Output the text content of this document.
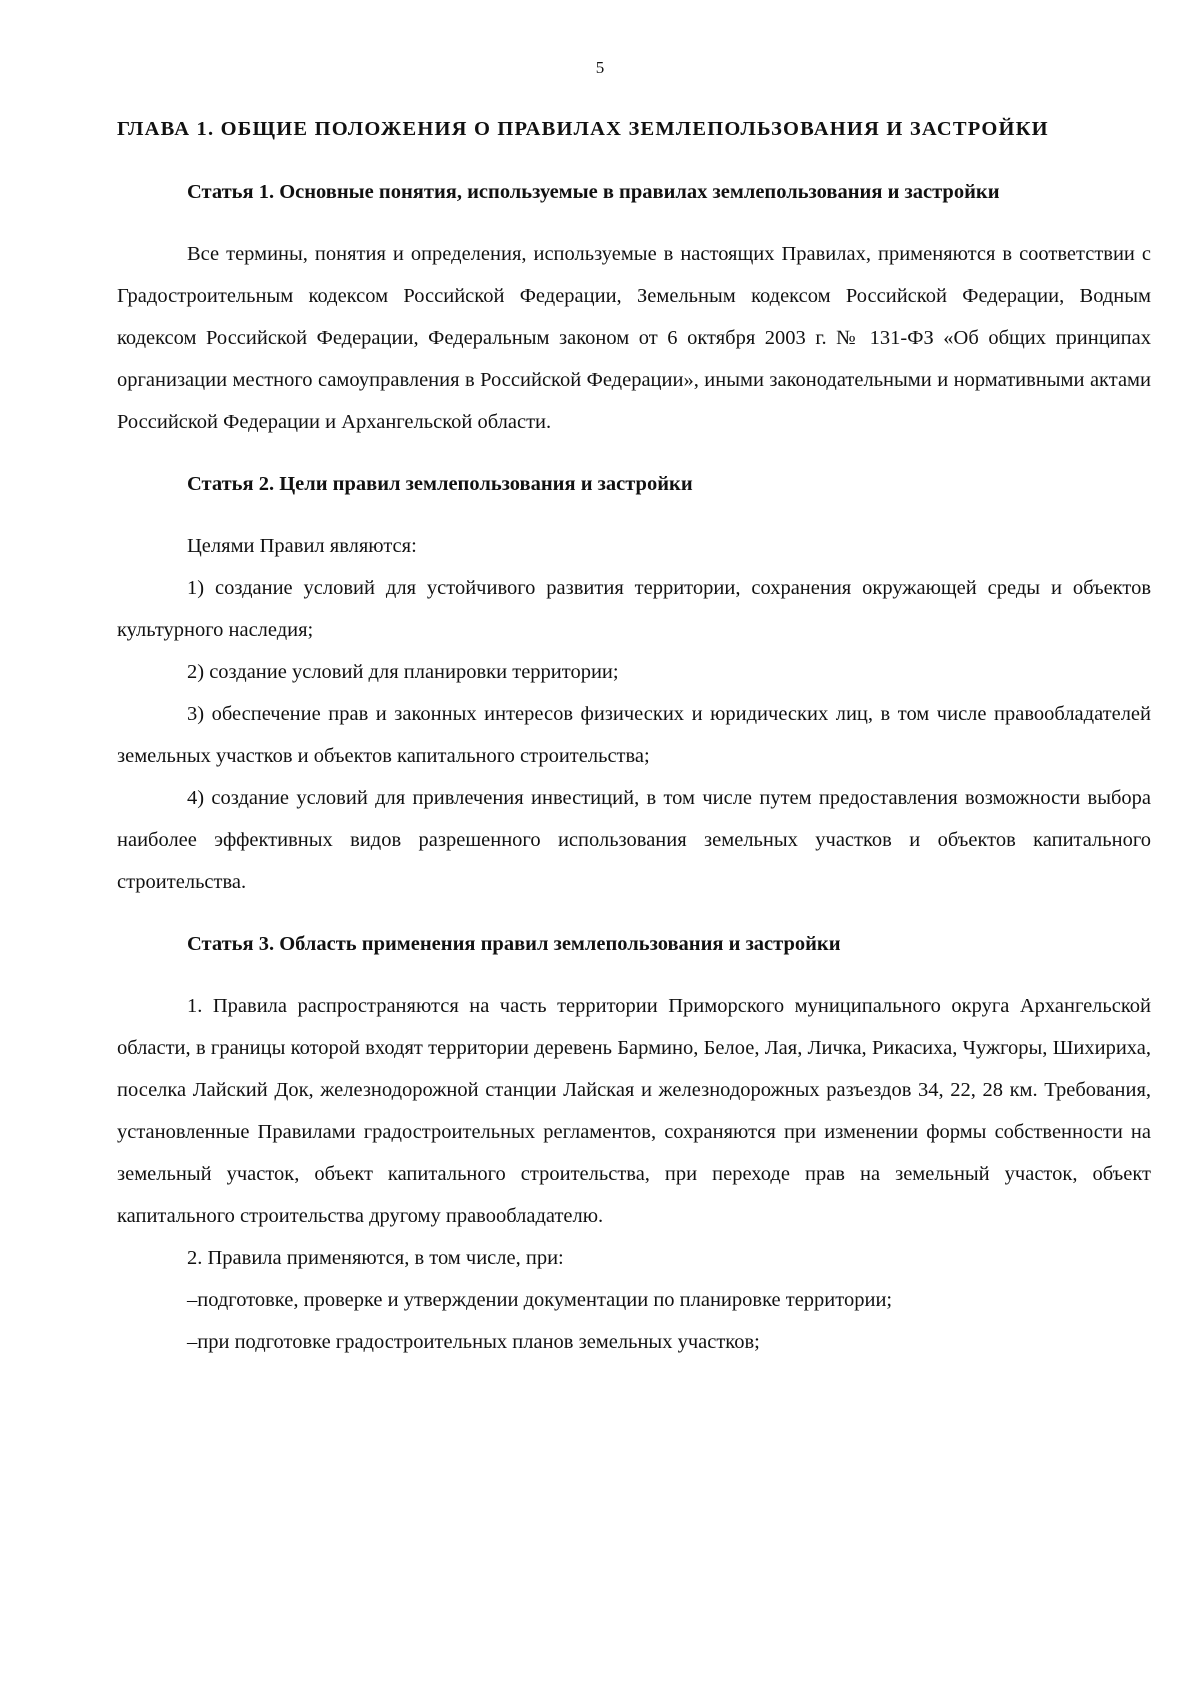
5

ГЛАВА 1. ОБЩИЕ ПОЛОЖЕНИЯ О ПРАВИЛАХ ЗЕМЛЕПОЛЬЗОВАНИЯ И ЗАСТРОЙКИ

Статья 1. Основные понятия, используемые в правилах землепользования и застройки

Все термины, понятия и определения, используемые в настоящих Правилах, применяются в соответствии с Градостроительным кодексом Российской Федерации, Земельным кодексом Российской Федерации, Водным кодексом Российской Федерации, Федеральным законом от 6 октября 2003 г. № 131-ФЗ «Об общих принципах организации местного самоуправления в Российской Федерации», иными законодательными и нормативными актами Российской Федерации и Архангельской области.

Статья 2. Цели правил землепользования и застройки

Целями Правил являются:

1) создание условий для устойчивого развития территории, сохранения окружающей среды и объектов культурного наследия;

2) создание условий для планировки территории;

3) обеспечение прав и законных интересов физических и юридических лиц, в том числе правообладателей земельных участков и объектов капитального строительства;

4) создание условий для привлечения инвестиций, в том числе путем предоставления возможности выбора наиболее эффективных видов разрешенного использования земельных участков и объектов капитального строительства.

Статья 3. Область применения правил землепользования и застройки

1. Правила распространяются на часть территории Приморского муниципального округа Архангельской области, в границы которой входят территории деревень Бармино, Белое, Лая, Личка, Рикасиха, Чужгоры, Шихириха, поселка Лайский Док, железнодорожной станции Лайская и железнодорожных разъездов 34, 22, 28 км. Требования, установленные Правилами градостроительных регламентов, сохраняются при изменении формы собственности на земельный участок, объект капитального строительства, при переходе прав на земельный участок, объект капитального строительства другому правообладателю.

2. Правила применяются, в том числе, при:

–подготовке, проверке и утверждении документации по планировке территории;

–при подготовке градостроительных планов земельных участков;
